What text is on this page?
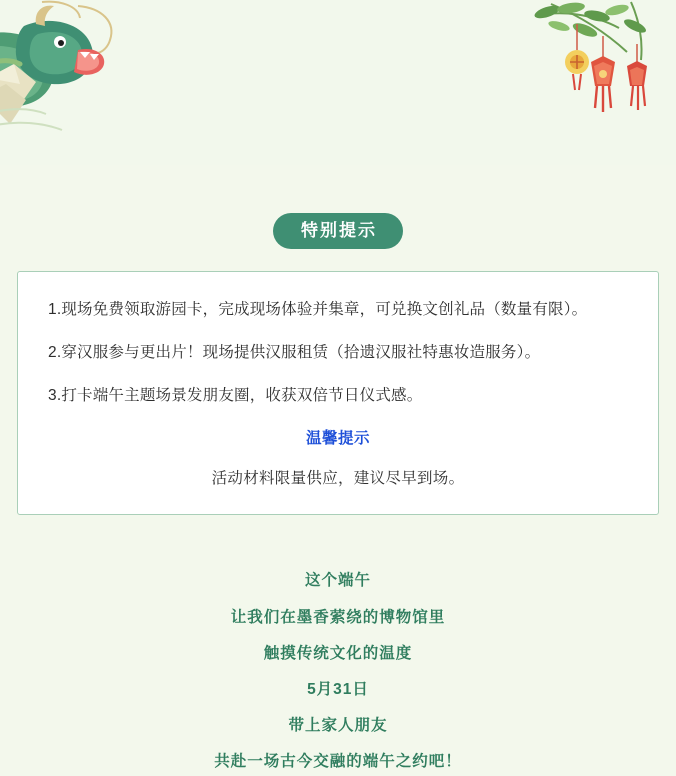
特别提示

1.现场免费领取游园卡，完成现场体验并集章，可兑换文创礼品（数量有限）。

2.穿汉服参与更出片！现场提供汉服租赁（拾遗汉服社特惠妆造服务）。

3.打卡端午主题场景发朋友圈，收获双倍节日仪式感。

温馨提示

活动材料限量供应，建议尽早到场。

这个端午

让我们在墨香萦绕的博物馆里

触摸传统文化的温度

5月31日

带上家人朋友

共赴一场古今交融的端午之约吧！
